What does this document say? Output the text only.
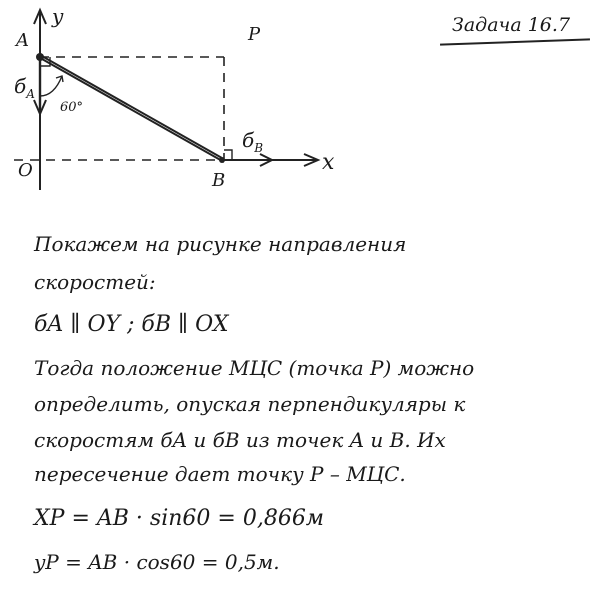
y
x
A
B
P
O
$б_A$
$б_B$
60°
Задача 16.7
Покажем на рисунке направления
скоростей:
бA ∥ OY ; бB ∥ OX
Тогда положение МЦС (точка P) можно
определить, опуская перпендикуляры к
скоростям бA и бB из точек A и B. Их
пересечение дает точку P – МЦС.
XP = AB · sin60 = 0,866м
yP = AB · cos60 = 0,5м.
